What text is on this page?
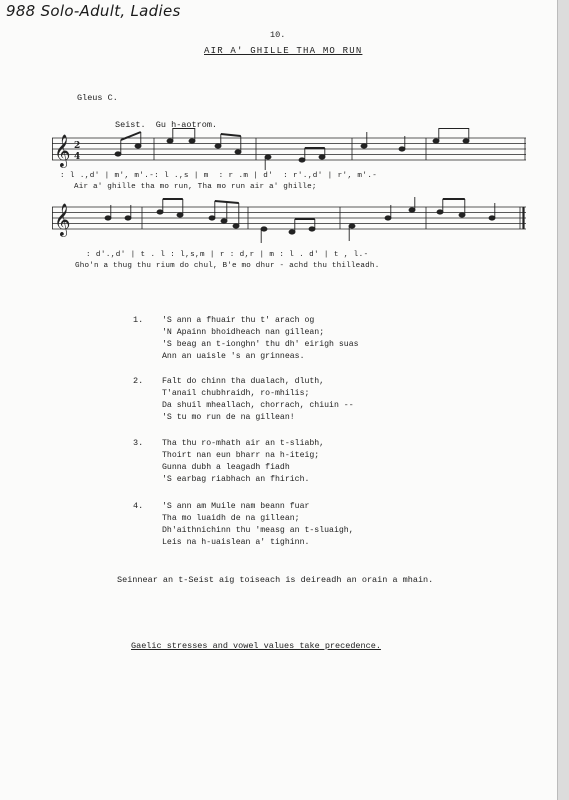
988 Solo-Adult, Ladies
10.
AIR A' GHILLE THA MO RUN
Gleus C.
Seist.  Gu h-aotrom.
𝄞 2
4
: l .,d' | m', m'.-: l .,s | m  : r .m | d'  : r'.,d' | r', m'.-
Air a' ghille tha mo run, Tha mo run air a' ghille;
𝄞
: d'.,d' | t . l : l,s,m | r : d,r | m : l . d' | t , l.-
Gho'n a thug thu rium do chul, B'e mo dhur - achd thu thilleadh.
1. 'S ann a fhuair thu t' arach og
'N Apainn bhoidheach nan gillean;
'S beag an t-ionghn' thu dh' eirigh suas
Ann an uaisle 's an grinneas.
2. Falt do chinn tha dualach, dluth,
T'anail chubhraidh, ro-mhilis;
Da shuil mheallach, chorrach, chiuin --
'S tu mo run de na gillean!
3. Tha thu ro-mhath air an t-sliabh,
Thoirt nan eun bharr na h-iteig;
Gunna dubh a leagadh fiadh
'S earbag riabhach an fhirich.
4. 'S ann am Muile nam beann fuar
Tha mo luaidh de na gillean;
Dh'aithnichinn thu 'measg an t-sluaigh,
Leis na h-uaislean a' tighinn.
Seinnear an t-Seist aig toiseach is deireadh an orain a mhain.
Gaelic stresses and vowel values take precedence.
